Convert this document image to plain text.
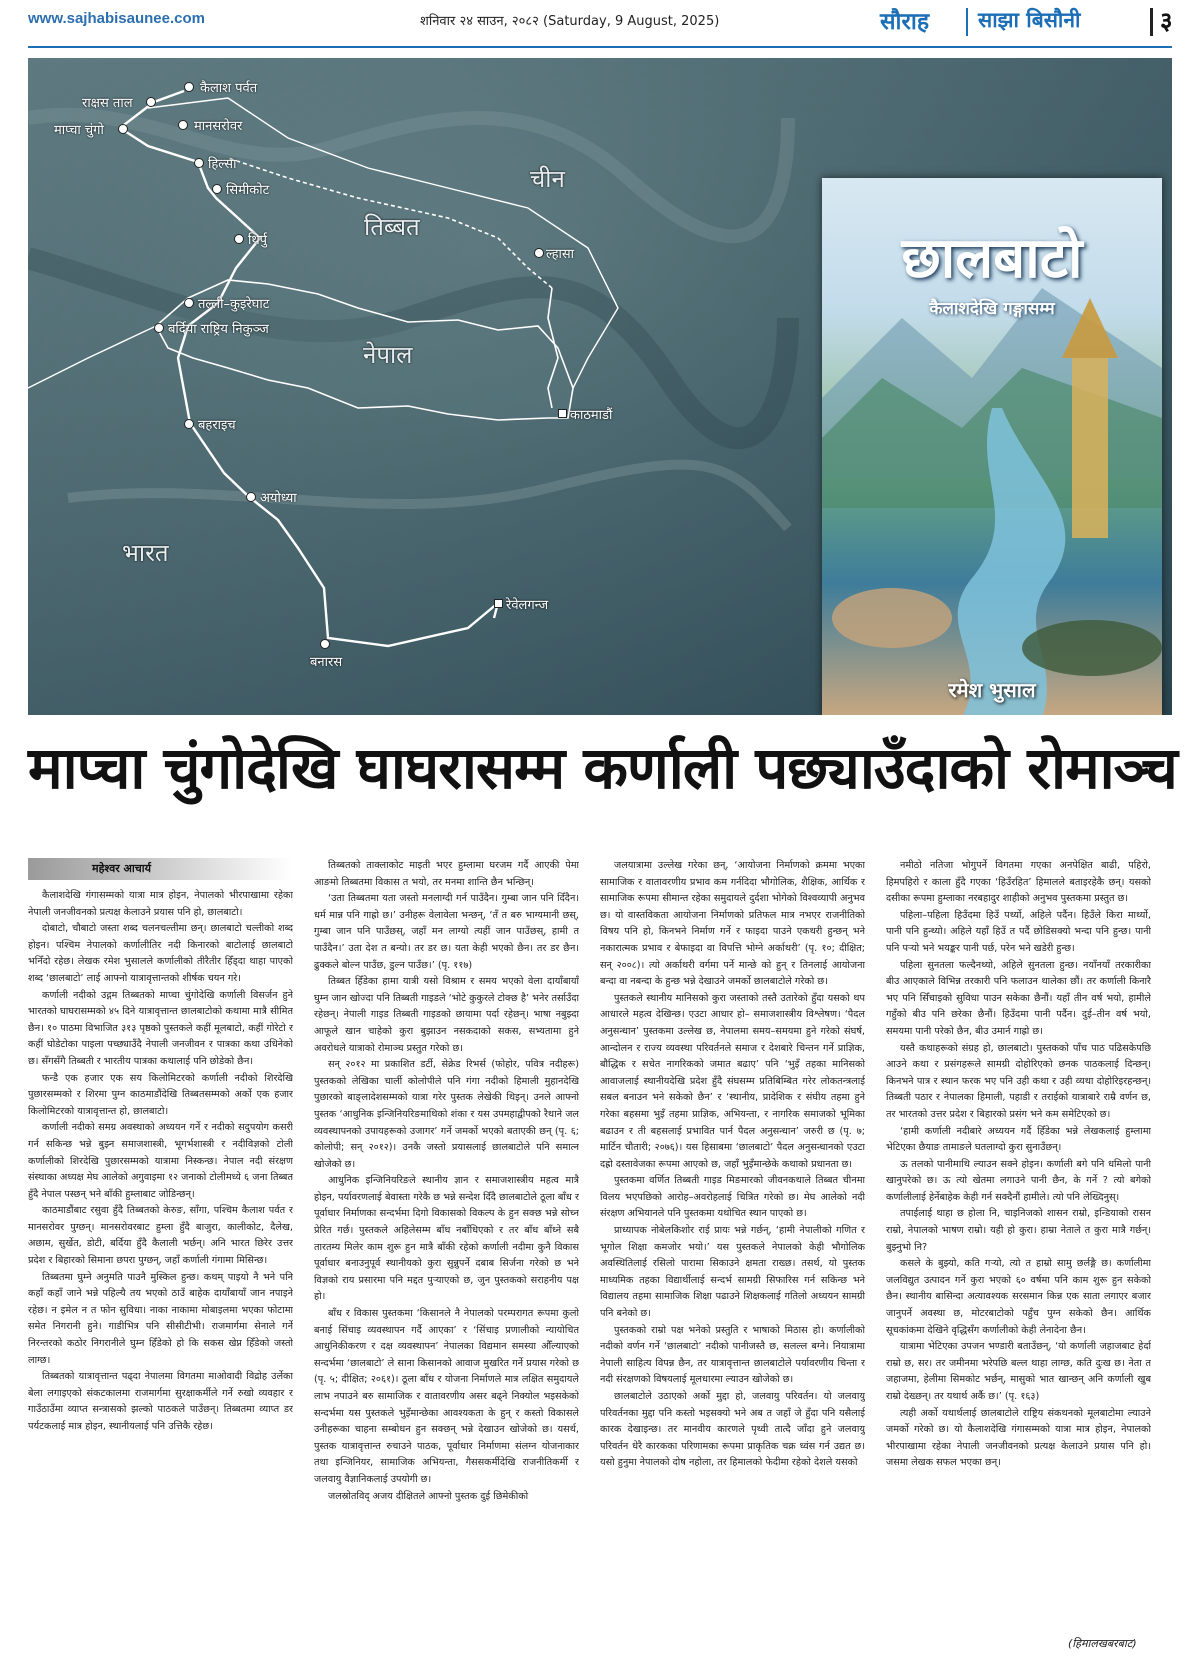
www.sajhabisaunee.com	शनिवार २४ साउन, २०८२ (Saturday, 9 August, 2025)	सौराह साझा बिसौनी	३
कैलाश पर्वत
राक्षस ताल
मानसरोवर
माप्चा चुंगो
हिल्सा
सिमीकोट
थिर्पु
तल्ली–कुइरेघाट
बर्दिया राष्ट्रिय निकुञ्ज
बहराइच
अयोध्या
बनारस
रेवेलगन्ज
ल्हासा
काठमाडौं
चीन
तिब्बत
नेपाल
भारत
छालबाटो
कैलाशदेखि गङ्गासम्म
रमेश भुसाल
माप्चा चुंगोदेखि घाघरासम्म कर्णाली पछ्याउँदाको रोमाञ्च
महेश्वर आचार्य

कैलाशदेखि गंगासम्मको यात्रा मात्र होइन, नेपालको भीरपाखामा रहेका नेपाली जनजीवनको प्रत्यक्ष केलाउने प्रयास पनि हो, छालबाटो।

दोबाटो, चौबाटो जस्ता शब्द चलनचल्तीमा छन्। छालबाटो चल्तीको शब्द होइन। पश्चिम नेपालको कर्णालीतिर नदी किनारको बाटोलाई छालबाटो भनिँदो रहेछ। लेखक रमेश भुसालले कर्णालीको तीरैतीर हिँड्दा थाहा पाएको शब्द ‘छालबाटो’ लाई आफ्नो यात्रावृत्तान्तको शीर्षक चयन गरे।

कर्णाली नदीको उद्गम तिब्बतको माप्चा चुंगोदेखि कर्णाली विसर्जन हुने भारतको घाघरासम्मको ४५ दिने यात्रावृत्तान्त छालबाटोको कथामा मात्रै सीमित छैन। १० पाठमा विभाजित ३१३ पृष्ठको पुस्तकले कहीं मूलबाटो, कहीं गोरेटो र कहीं घोडेटोका पाइला पच्छ्याउँदै नेपाली जनजीवन र पात्रका कथा उधिनेको छ। सँगसँगै तिब्बती र भारतीय पात्रका कथालाई पनि छोडेको छैन।

फन्डै एक हजार एक सय किलोमिटरको कर्णाली नदीको शिरदेखि पुछारसम्मको र शिरमा पुग्न काठमाडौंदेखि तिब्बतसम्मको अर्को एक हजार किलोमिटरको यात्रावृत्तान्त हो, छालबाटो।

कर्णाली नदीको समग्र अवस्थाको अध्ययन गर्ने र नदीको सदुपयोग कसरी गर्न सकिन्छ भन्ने बुझ्न समाजशास्त्री, भूगर्भशास्त्री र नदीविज्ञको टोली कर्णालीको शिरदेखि पुछारसम्मको यात्रामा निस्कन्छ। नेपाल नदी संरक्षण संस्थाका अध्यक्ष मेघ आलेको अगुवाइमा १२ जनाको टोलीमध्ये ६ जना तिब्बत हुँदै नेपाल पस्छन् भने बाँकी हुम्लाबाट जोडिन्छन्।

काठमाडौंबाट रसुवा हुँदै तिब्बतको केरुङ, साँगा, पश्चिम कैलाश पर्वत र मानसरोवर पुग्छन्। मानसरोवरबाट हुम्ला हुँदै बाजुरा, कालीकोट, दैलेख, अछाम, सुर्खेत, डोटी, बर्दिया हुँदै कैलाली भर्छन्। अनि भारत छिरेर उत्तर प्रदेश र बिहारको सिमाना छपरा पुग्छन्, जहाँ कर्णाली गंगामा मिसिन्छ।

तिब्बतमा घुम्ने अनुमति पाउनै मुस्किल हुन्छ। कथम् पाइयो नै भने पनि कहाँ कहाँ जाने भन्ने पहिल्यै तय भएको ठाउँ बाहेक दायाँबायाँ जान नपाइने रहेछ। न इमेल न त फोन सुविधा। नाका नाकामा मोबाइलमा भएका फोटामा समेत निगरानी हुने। गाडीभित्र पनि सीसीटीभी। राजमार्गमा सेनाले गर्ने निरन्तरको कठोर निगरानीले घुम्न हिँडेको हो कि सकस खेप्न हिँडेको जस्तो लाग्छ।

तिब्बतको यात्रावृत्तान्त पढ्दा नेपालमा विगतमा माओवादी विद्रोह उर्लेका बेला लगाइएको संकटकालमा राजमार्गमा सुरक्षाकर्मीले गर्ने रुखो व्यवहार र गाउँठाउँमा व्याप्त सन्त्रासको झल्को पाठकले पाउँछन्। तिब्बतमा व्याप्त डर पर्यटकलाई मात्र होइन, स्थानीयलाई पनि उत्तिकै रहेछ।

तिब्बतको ताक्लाकोट माइती भएर हुम्लामा घरजम गर्दै आएकी पेमा आङमो तिब्बतमा विकास त भयो, तर मनमा शान्ति छैन भन्छिन्।

‘उता तिब्बतमा यता जस्तो मनलाग्दी गर्न पाउँदैन। गुम्बा जान पनि दिँदैन। धर्म मान्न पनि गाह्रो छ।’ उनीहरू वेलावेला भन्छन्, ‘तँ त बरु भाग्यमानी छस्, गुम्बा जान पनि पाउँछस्, जहाँ मन लाग्यो त्यहीं जान पाउँछस्, हामी त पाउँदैन।’ उता देश त बन्यो। तर डर छ। यता केही भएको छैन। तर डर छैन। ढुक्कले बोल्न पाउँछ, डुल्न पाउँछ।’ (पृ. ११७)

तिब्बत हिँडेका हामा यात्री यसो विश्राम र समय भएको वेला दायाँबायाँ घुम्न जान खोज्दा पनि तिब्बती गाइडले ‘भोटे कुकुरले टोक्छ है’ भनेर तर्साउँदा रहेछन्। नेपाली गाइड तिब्बती गाइडको छायामा पर्दा रहेछन्। भाषा नबुझ्दा आफूले खान चाहेको कुरा बुझाउन नसकदाको सकस, सभ्यतामा हुने अवरोधले यात्राको रोमाञ्च प्रस्तुत गरेको छ।

सन् २०१२ मा प्रकाशित डर्टी, सेक्रेड रिभर्स (फोहोर, पवित्र नदीहरू) पुस्तकको लेखिका चार्ली कोलोपीले पनि गंगा नदीको हिमाली मुहानदेखि पुछारको बाङ्लादेशसम्मको यात्रा गरेर पुस्तक लेखेकी थिइन्। उनले आफ्नो पुस्तक ‘आधुनिक इन्जिनियरिङमाथिको शंका र यस उपमहाद्वीपको रैथाने जल व्यवस्थापनको उपायहरूको उजागर’ गर्ने जमर्को भएको बताएकी छन् (पृ. ६; कोलोपी; सन् २०१२)। उनकै जस्तो प्रयासलाई छालबाटोले पनि समात्न खोजेको छ।

आधुनिक इन्जिनियरिङले स्थानीय ज्ञान र समाजशास्त्रीय महत्व मात्रै होइन, पर्यावरणलाई बेवास्ता गरेकै छ भन्ने सन्देश दिँदै छालबाटोले ठूला बाँध र पूर्वाधार निर्माणका सन्दर्भमा दिगो विकासको विकल्प के हुन सक्छ भन्ने सोच्न प्रेरित गर्छ। पुस्तकले अहिलेसम्म बाँध नबाँधिएको र तर बाँध बाँध्ने सबै तारतम्य मिलेर काम शुरू हुन मात्रै बाँकी रहेको कर्णाली नदीमा कुनै विकास पूर्वाधार बनाउनुपूर्व स्थानीयको कुरा सुन्नुपर्ने दबाब सिर्जना गरेको छ भने विज्ञको राय प्रसारमा पनि मद्दत पुऱ्याएको छ, जुन पुस्तकको सराहनीय पक्ष हो।

बाँध र विकास पुस्तकमा ‘किसानले नै नेपालको परम्परागत रूपमा कुलो बनाई सिंचाइ व्यवस्थापन गर्दै आएका’ र ‘सिंचाइ प्रणालीको न्यायोचित आधुनिकीकरण र दक्ष व्यवस्थापन’ नेपालका विद्यमान समस्या औँल्याएको सन्दर्भमा ‘छालबाटो’ ले साना किसानको आवाज मुखरित गर्ने प्रयास गरेको छ (पृ. ५; दीक्षित; २०६१)। ठूला बाँध र योजना निर्माणले मात्र लक्षित समुदायले लाभ नपाउने बरु सामाजिक र वातावरणीय असर बढ्ने निक्योल भइसकेको सन्दर्भमा यस पुस्तकले भुइँमान्छेका आवश्यकता के हुन् र कस्तो विकासले उनीहरूका चाहना सम्बोधन हुन सक्छन् भन्ने देखाउन खोजेको छ। यसर्थ, पुस्तक यात्रावृत्तान्त रुचाउने पाठक, पूर्वाधार निर्माणमा संलग्न योजनाकार तथा इन्जिनियर, सामाजिक अभियन्ता, गैससकर्मीदेखि राजनीतिकर्मी र जलवायु वैज्ञानिकलाई उपयोगी छ।

जलस्रोतविद् अजय दीक्षितले आफ्नो पुस्तक दुई छिमेकीको

जलयात्रामा उल्लेख गरेका छन्, ‘आयोजना निर्माणको क्रममा भएका सामाजिक र वातावरणीय प्रभाव कम गर्नदिदा भौगोलिक, शैक्षिक, आर्थिक र सामाजिक रूपमा सीमान्त रहेका समुदायले दुर्दशा भोगेको विश्वव्यापी अनुभव छ। यो वास्तविकता आयोजना निर्माणको प्रतिफल मात्र नभएर राजनीतिको विषय पनि हो, किनभने निर्माण गर्ने र फाइदा पाउने एकथरी हुन्छन् भने नकारात्मक प्रभाव र बेफाइदा वा विपत्ति भोग्ने अर्काथरी’ (पृ. १०; दीक्षित; सन् २००८)। त्यो अर्काथरी वर्गमा पर्ने मान्छे को हुन् र तिनलाई आयोजना बन्दा वा नबन्दा के हुन्छ भन्ने देखाउने जमर्को छालबाटोले गरेको छ।

पुस्तकले स्थानीय मानिसको कुरा जस्ताको तस्तै उतारेको हुँदा यसको थप आधारले महत्व देखिन्छ। एउटा आधार हो– समाजशास्त्रीय विश्लेषण। ‘पैदल अनुसन्धान’ पुस्तकमा उल्लेख छ, नेपालमा समय–समयमा हुने गरेको संघर्ष, आन्दोलन र राज्य व्यवस्था परिवर्तनले समाज र देशबारे चिन्तन गर्ने प्राज्ञिक, बौद्धिक र सचेत नागरिकको जमात बढाए’ पनि ‘भुइँ तहका मानिसको आवाजलाई स्थानीयदेखि प्रदेश हुँदै संघसम्म प्रतिबिम्बित गरेर लोकतन्त्रलाई सबल बनाउन भने सकेको छैन’ र ‘स्थानीय, प्रादेशिक र संघीय तहमा हुने गरेका बहसमा भुइँ तहमा प्राज्ञिक, अभियन्ता, र नागरिक समाजको भूमिका बढाउन र ती बहसलाई प्रभावित पार्न पैदल अनुसन्धान’ जरुरी छ (पृ. ७; मार्टिन चौतारी; २०७६)। यस हिसाबमा ‘छालबाटो’ पैदल अनुसन्धानको एउटा दह्रो दस्तावेजका रूपमा आएको छ, जहाँ भुइँमान्छेके कथाको प्रधानता छ।

पुस्तकमा वर्णित तिब्बती गाइड मिङमारको जीवनकथाले तिब्बत चीनमा विलय भएपछिको आरोह–अवरोहलाई चित्रित गरेको छ। मेघ आलेको नदी संरक्षण अभियानले पनि पुस्तकमा यथोचित स्थान पाएको छ।

प्राध्यापक नोबेलकिशोर राई प्रायः भन्ने गर्छन्, ‘हामी नेपालीको गणित र भूगोल शिक्षा कमजोर भयो।’ यस पुस्तकले नेपालको केही भौगोलिक अवस्थितिलाई रसिलो पारामा सिकाउने क्षमता राख्छ। तसर्थ, यो पुस्तक माध्यमिक तहका विद्यार्थीलाई सन्दर्भ सामग्री सिफारिस गर्न सकिन्छ भने विद्यालय तहमा सामाजिक शिक्षा पढाउने शिक्षकलाई गतिलो अध्ययन सामग्री पनि बनेको छ।

पुस्तकको राम्रो पक्ष भनेको प्रस्तुति र भाषाको मिठास हो। कर्णालीको नदीको वर्णन गर्ने ‘छालबाटो’ नदीको पानीजस्तै छ, सलल्ल बग्ने। नियात्रामा नेपाली साहित्य विपन्न छैन, तर यात्रावृत्तान्त छालबाटोले पर्यावरणीय चिन्ता र नदी संरक्षणको विषयलाई मूलधारमा ल्याउन खोजेको छ।

छालबाटोले उठाएको अर्को मुद्दा हो, जलवायु परिवर्तन। यो जलवायु परिवर्तनका मुद्दा पनि कस्तो भइसक्यो भने अब त जहाँ जे हुँदा पनि यसैलाई कारक देखाइन्छ। तर मानवीय कारणले पृथ्वी तात्दै जाँदा हुने जलवायु परिवर्तन धेरै कारकका परिणामका रूपमा प्राकृतिक चक्र ध्वंस गर्न उद्यत छ। यसो हुनुमा नेपालको दोष नहोला, तर हिमालको फेदीमा रहेको देशले यसको

नमीठो नतिजा भोगुपर्ने विगतमा गएका अनपेक्षित बाढी, पहिरो, हिमपहिरो र काला हुँदै गएका ‘हिउँरहित’ हिमालले बताइरहेकै छन्। यसको दसीका रूपमा हुम्लाका नरबहादुर शाहीको अनुभव पुस्तकमा प्रस्तुत छ।

पहिला–पहिला हिउँदमा हिउँ पर्थ्यो, अहिले पर्दैन। हिउँले किरा मार्थ्यो, पानी पनि हुन्थ्यो। अहिले यहाँ हिउँ त पर्दै छोडिसक्यो भन्दा पनि हुन्छ। पानी पनि पऱ्यो भने भयङ्कर पानी पर्छ, परेन भने खडेरी हुन्छ।

पहिला सुनतला फल्दैनथ्यो, अहिले सुनतला हुन्छ। नयाँनयाँ तरकारीका बीउ आएकाले विभिन्न तरकारी पनि फलाउन थालेका छौं। तर कर्णाली किनारै भए पनि सिँचाइको सुविधा पाउन सकेका छैनौं। यहाँ तीन वर्ष भयो, हामीले गहुँको बीउ पनि छरेका छैनौं। हिउँदमा पानी पर्दैन। दुई–तीन वर्ष भयो, समयमा पानी परेको छैन, बीउ उमार्न गाह्रो छ।

यस्तै कथाहरूको संग्रह हो, छालबाटो। पुस्तकको पाँच पाठ पढिसकेपछि आउने कथा र प्रसंगहरूले सामग्री दोहोरिएको छनक पाठकलाई दिन्छन्। किनभने पात्र र स्थान फरक भए पनि उही कथा र उही व्यथा दोहोरिइरहन्छन्। तिब्बती पठार र नेपालका हिमाली, पहाडी र तराईको यात्राबारे राम्रै वर्णन छ, तर भारतको उत्तर प्रदेश र बिहारको प्रसंग भने कम समेटिएको छ।

‘हामी कर्णाली नदीबारे अध्ययन गर्दै हिँडेका भन्ने लेखकलाई हुम्लामा भेटिएका छैयाङ तामाङले घतलाग्दो कुरा सुनाउँछन्।

ऊ तलको पानीमाथि ल्याउन सक्ने होइन। कर्णाली बगे पनि धमिलो पानी खानुपरेको छ। ऊ त्यो खेतमा लगाउने पानी छैन, के गर्ने ? त्यो बगेको कर्णालीलाई हेर्नेबाहेक केही गर्न सक्दैनौं हामीले। त्यो पनि लेख्दिनुस्।

तपाईलाई थाहा छ होला नि, चाइनिजको शासन राम्रो, इन्डियाको रासन राम्रो, नेपालको भाषण राम्रो। यही हो कुरा। हाम्रा नेताले त कुरा मात्रै गर्छन्। बुझ्नुभो नि?

कसले के बुझ्यो, कति गऱ्यो, त्यो त हाम्रो सामु छर्लङ्गै छ। कर्णालीमा जलविद्युत उत्पादन गर्ने कुरा भएको ६० वर्षमा पनि काम शुरू हुन सकेको छैन। स्थानीय बासिन्दा अत्यावश्यक सरसमान किन्न एक साता लगाएर बजार जानुपर्ने अवस्था छ, मोटरबाटोको पहुँच पुग्न सकेको छैन। आर्थिक सूचकांकमा देखिने वृद्धिसँग कर्णालीको केही लेनादेना छैन।

यात्रामा भेटिएका उपजन भण्डारी बताउँछन्, ‘यो कर्णाली जहाजबाट हेर्दा राम्रो छ, सर। तर जमीनमा भरेपछि बल्ल थाहा लाग्छ, कति दुःख छ। नेता त जहाजमा, हेलीमा सिमकोट भर्छन्, मासुको भात खान्छन् अनि कर्णाली खुब राम्रो देख्छन्। तर यथार्थ अर्कै छ।’ (पृ. १६३)

त्यही अर्को यथार्थलाई छालबाटोले राष्ट्रिय संकथनको मूलबाटोमा ल्याउने जमर्को गरेको छ। यो कैलाशदेखि गंगासम्मको यात्रा मात्र होइन, नेपालको भीरपाखामा रहेका नेपाली जनजीवनको प्रत्यक्ष केलाउने प्रयास पनि हो। जसमा लेखक सफल भएका छन्।

(हिमालखबरबाट)
